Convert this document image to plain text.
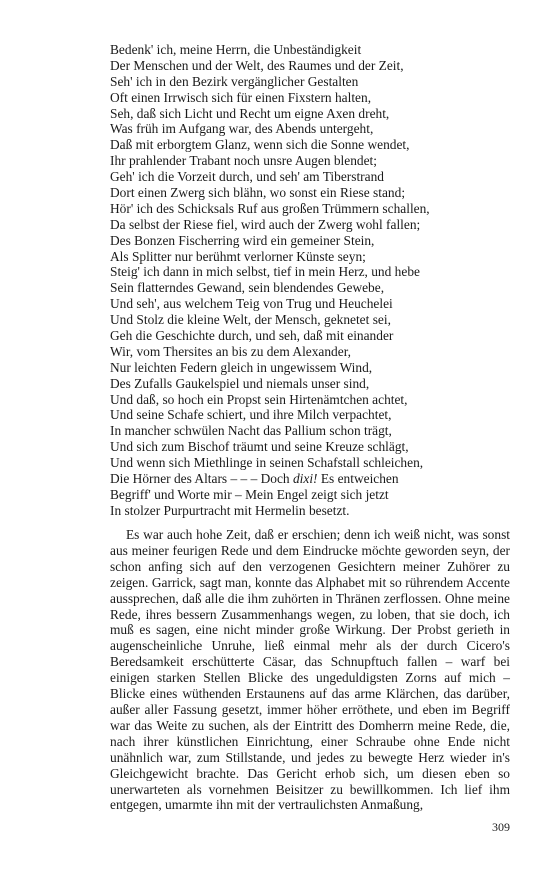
Bedenk' ich, meine Herrn, die Unbeständigkeit
Der Menschen und der Welt, des Raumes und der Zeit,
Seh' ich in den Bezirk vergänglicher Gestalten
Oft einen Irrwisch sich für einen Fixstern halten,
Seh, daß sich Licht und Recht um eigne Axen dreht,
Was früh im Aufgang war, des Abends untergeht,
Daß mit erborgtem Glanz, wenn sich die Sonne wendet,
Ihr prahlender Trabant noch unsre Augen blendet;
Geh' ich die Vorzeit durch, und seh' am Tiberstrand
Dort einen Zwerg sich blähn, wo sonst ein Riese stand;
Hör' ich des Schicksals Ruf aus großen Trümmern schallen,
Da selbst der Riese fiel, wird auch der Zwerg wohl fallen;
Des Bonzen Fischerring wird ein gemeiner Stein,
Als Splitter nur berühmt verlorner Künste seyn;
Steig' ich dann in mich selbst, tief in mein Herz, und hebe
Sein flatterndes Gewand, sein blendendes Gewebe,
Und seh', aus welchem Teig von Trug und Heuchelei
Und Stolz die kleine Welt, der Mensch, geknetet sei,
Geh die Geschichte durch, und seh, daß mit einander
Wir, vom Thersites an bis zu dem Alexander,
Nur leichten Federn gleich in ungewissem Wind,
Des Zufalls Gaukelspiel und niemals unser sind,
Und daß, so hoch ein Propst sein Hirtenämtchen achtet,
Und seine Schafe schiert, und ihre Milch verpachtet,
In mancher schwülen Nacht das Pallium schon trägt,
Und sich zum Bischof träumt und seine Kreuze schlägt,
Und wenn sich Miethlinge in seinen Schafstall schleichen,
Die Hörner des Altars – – – Doch dixi! Es entweichen
Begriff' und Worte mir – Mein Engel zeigt sich jetzt
In stolzer Purpurtracht mit Hermelin besetzt.

Es war auch hohe Zeit, daß er erschien; denn ich weiß nicht, was sonst aus meiner feurigen Rede und dem Eindrucke möchte geworden seyn, der schon anfing sich auf den verzogenen Gesichtern meiner Zuhörer zu zeigen. Garrick, sagt man, konnte das Alphabet mit so rührendem Accente aussprechen, daß alle die ihm zuhörten in Thränen zerflossen. Ohne meine Rede, ihres bessern Zusammenhangs wegen, zu loben, that sie doch, ich muß es sagen, eine nicht minder große Wirkung. Der Probst gerieth in augenscheinliche Unruhe, ließ einmal mehr als der durch Cicero's Beredsamkeit erschütterte Cäsar, das Schnupftuch fallen – warf bei einigen starken Stellen Blicke des ungeduldigsten Zorns auf mich – Blicke eines wüthenden Erstaunens auf das arme Klärchen, das darüber, außer aller Fassung gesetzt, immer höher erröthete, und eben im Begriff war das Weite zu suchen, als der Eintritt des Domherrn meine Rede, die, nach ihrer künstlichen Einrichtung, einer Schraube ohne Ende nicht unähnlich war, zum Stillstande, und jedes zu bewegte Herz wieder in's Gleichgewicht brachte. Das Gericht erhob sich, um diesen eben so unerwarteten als vornehmen Beisitzer zu bewillkommen. Ich lief ihm entgegen, umarmte ihn mit der vertraulichsten Anmaßung,

309
